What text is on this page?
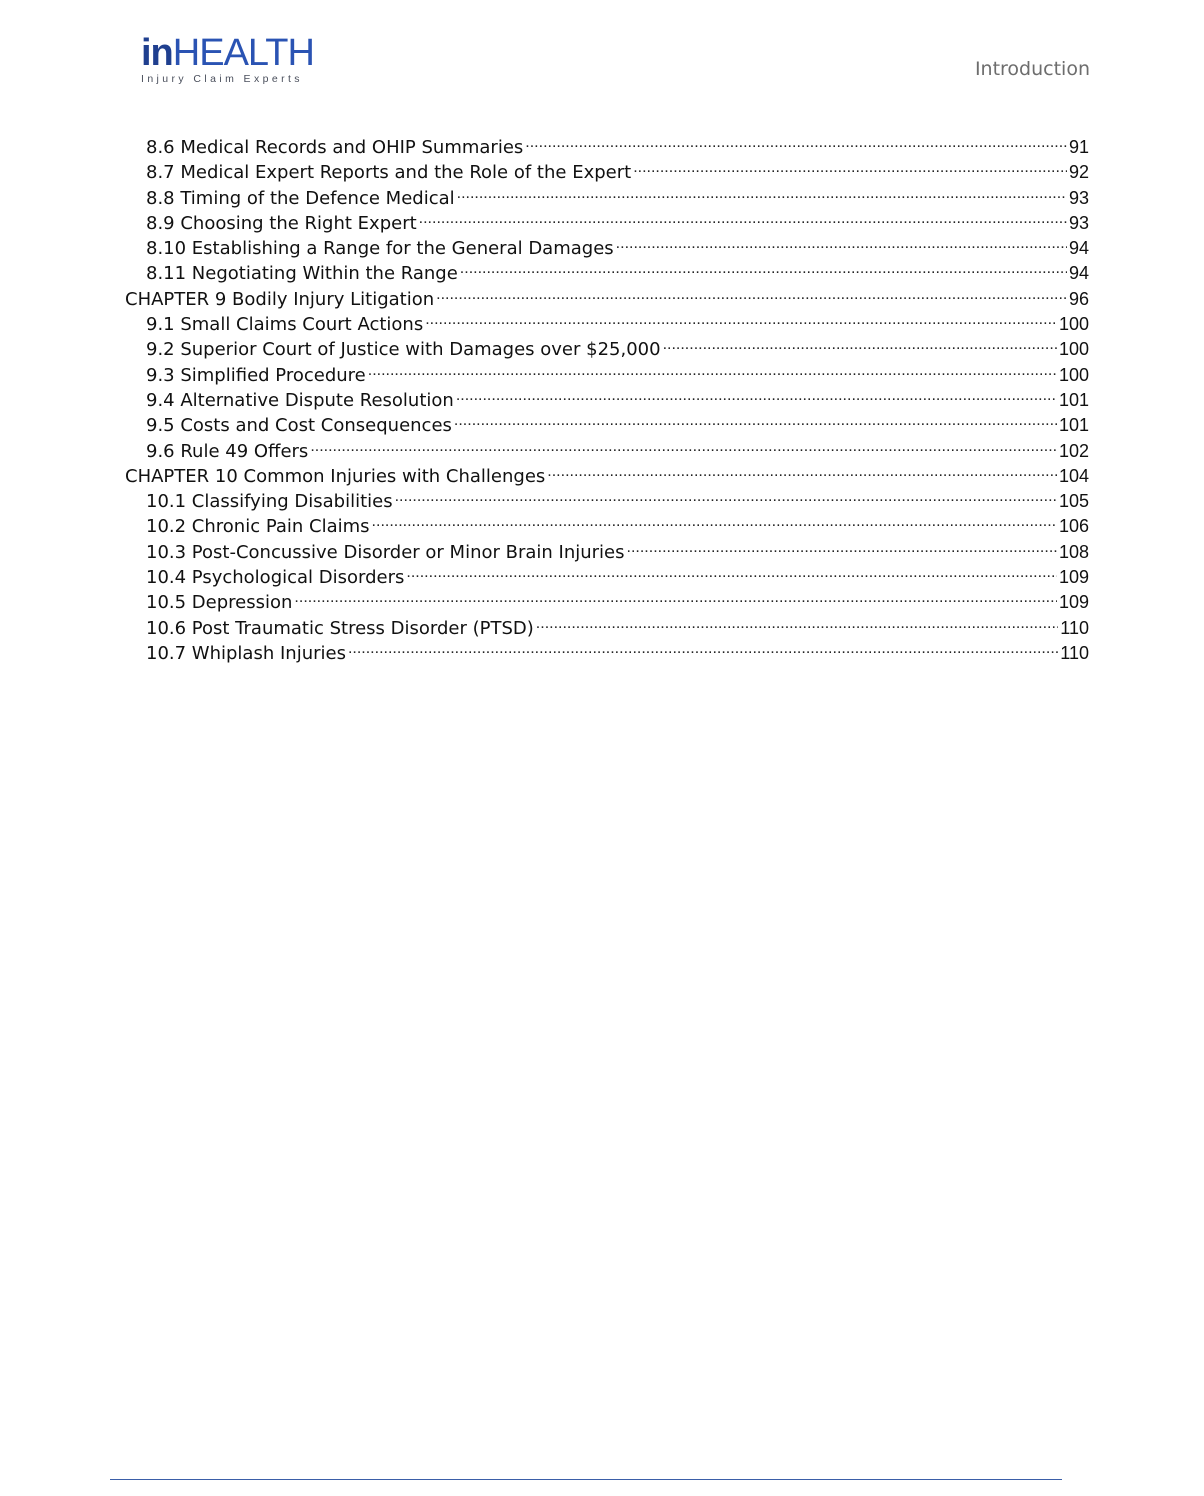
inHEALTH
Injury Claim Experts	Introduction
8.6 Medical Records and OHIP Summaries .....	91
8.7 Medical Expert Reports and the Role of the Expert .....	92
8.8 Timing of the Defence Medical .....	93
8.9 Choosing the Right Expert .....	93
8.10 Establishing a Range for the General Damages .....	94
8.11 Negotiating Within the Range .....	94
CHAPTER 9 Bodily Injury Litigation .....	96
9.1 Small Claims Court Actions .....	100
9.2 Superior Court of Justice with Damages over $25,000 .....	100
9.3 Simplified Procedure .....	100
9.4 Alternative Dispute Resolution .....	101
9.5 Costs and Cost Consequences .....	101
9.6 Rule 49 Offers .....	102
CHAPTER 10 Common Injuries with Challenges .....	104
10.1 Classifying Disabilities .....	105
10.2 Chronic Pain Claims .....	106
10.3 Post-Concussive Disorder or Minor Brain Injuries .....	108
10.4 Psychological Disorders .....	109
10.5 Depression .....	109
10.6 Post Traumatic Stress Disorder (PTSD) .....	110
10.7 Whiplash Injuries .....	110
